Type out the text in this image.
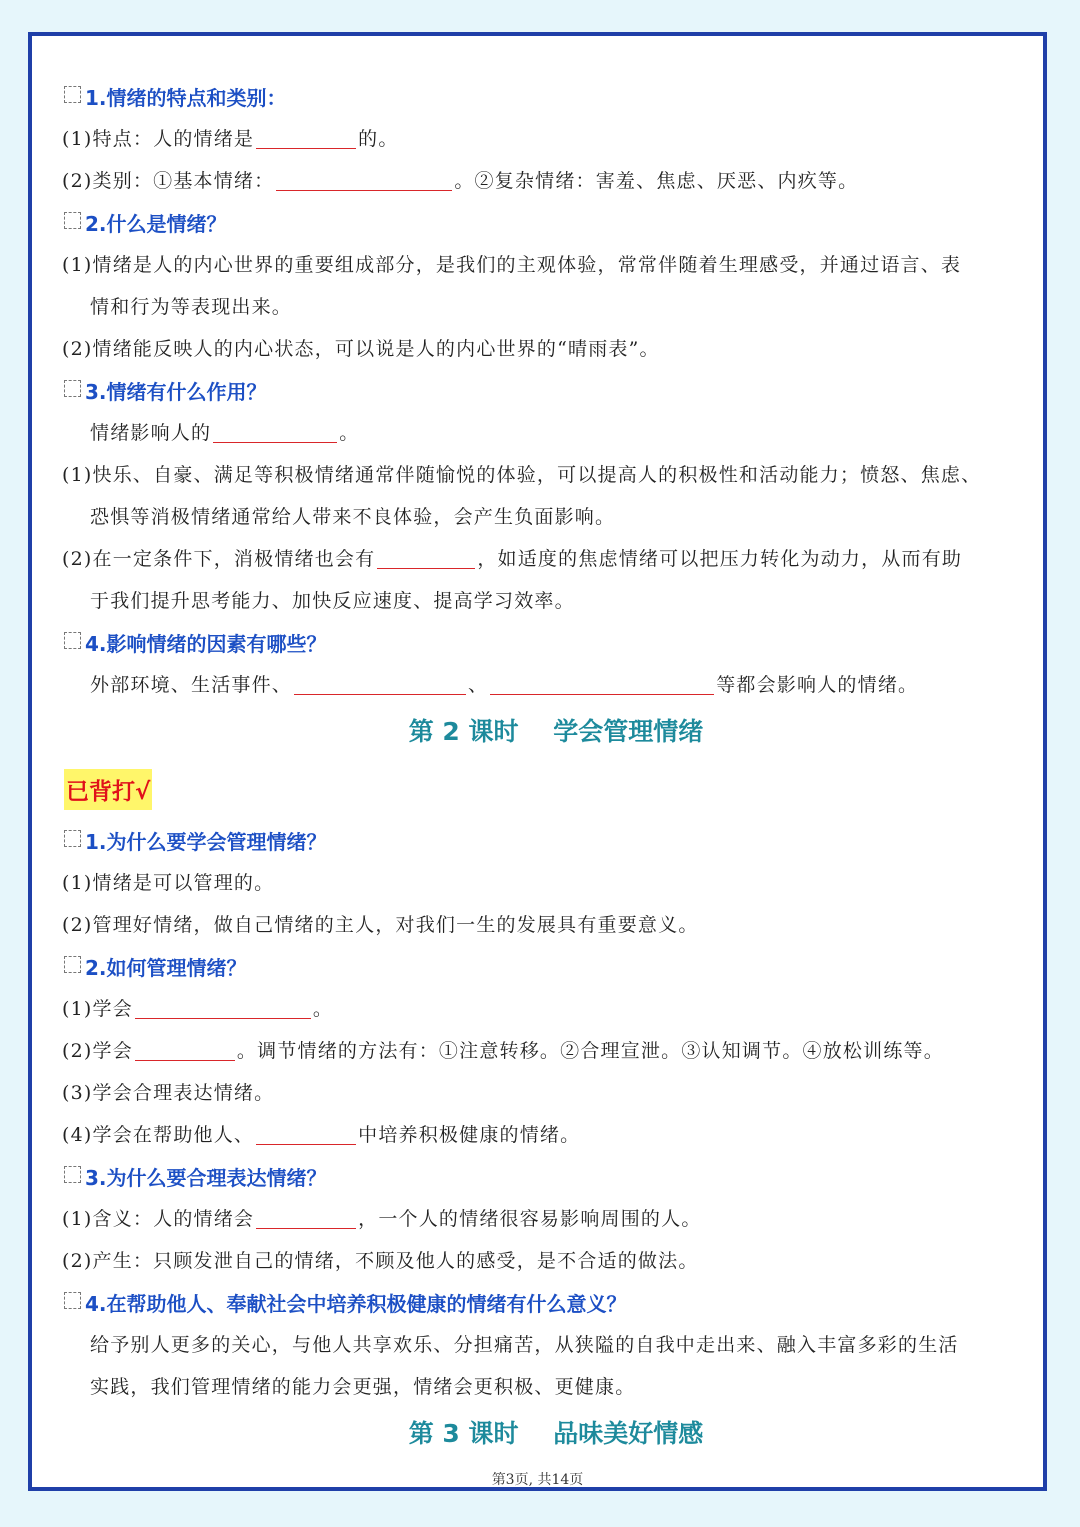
1.情绪的特点和类别：
(1)特点：人的情绪是	的。
(2)类别：①基本情绪：	。②复杂情绪：害羞、焦虑、厌恶、内疚等。
2.什么是情绪？
(1)情绪是人的内心世界的重要组成部分，是我们的主观体验，常常伴随着生理感受，并通过语言、表
情和行为等表现出来。
(2)情绪能反映人的内心状态，可以说是人的内心世界的“晴雨表”。
3.情绪有什么作用？
情绪影响人的	。
(1)快乐、自豪、满足等积极情绪通常伴随愉悦的体验，可以提高人的积极性和活动能力；愤怒、焦虑、
恐惧等消极情绪通常给人带来不良体验，会产生负面影响。
(2)在一定条件下，消极情绪也会有	，如适度的焦虑情绪可以把压力转化为动力，从而有助
于我们提升思考能力、加快反应速度、提高学习效率。
4.影响情绪的因素有哪些？
外部环境、生活事件、	、	等都会影响人的情绪。
第 2 课时    学会管理情绪
已背打√
1.为什么要学会管理情绪？
(1)情绪是可以管理的。
(2)管理好情绪，做自己情绪的主人，对我们一生的发展具有重要意义。
2.如何管理情绪？
(1)学会	。
(2)学会	。调节情绪的方法有：①注意转移。②合理宣泄。③认知调节。④放松训练等。
(3)学会合理表达情绪。
(4)学会在帮助他人、	中培养积极健康的情绪。
3.为什么要合理表达情绪？
(1)含义：人的情绪会	，一个人的情绪很容易影响周围的人。
(2)产生：只顾发泄自己的情绪，不顾及他人的感受，是不合适的做法。
4.在帮助他人、奉献社会中培养积极健康的情绪有什么意义？
给予别人更多的关心，与他人共享欢乐、分担痛苦，从狭隘的自我中走出来、融入丰富多彩的生活
实践，我们管理情绪的能力会更强，情绪会更积极、更健康。
第 3 课时    品味美好情感
第3页, 共14页
